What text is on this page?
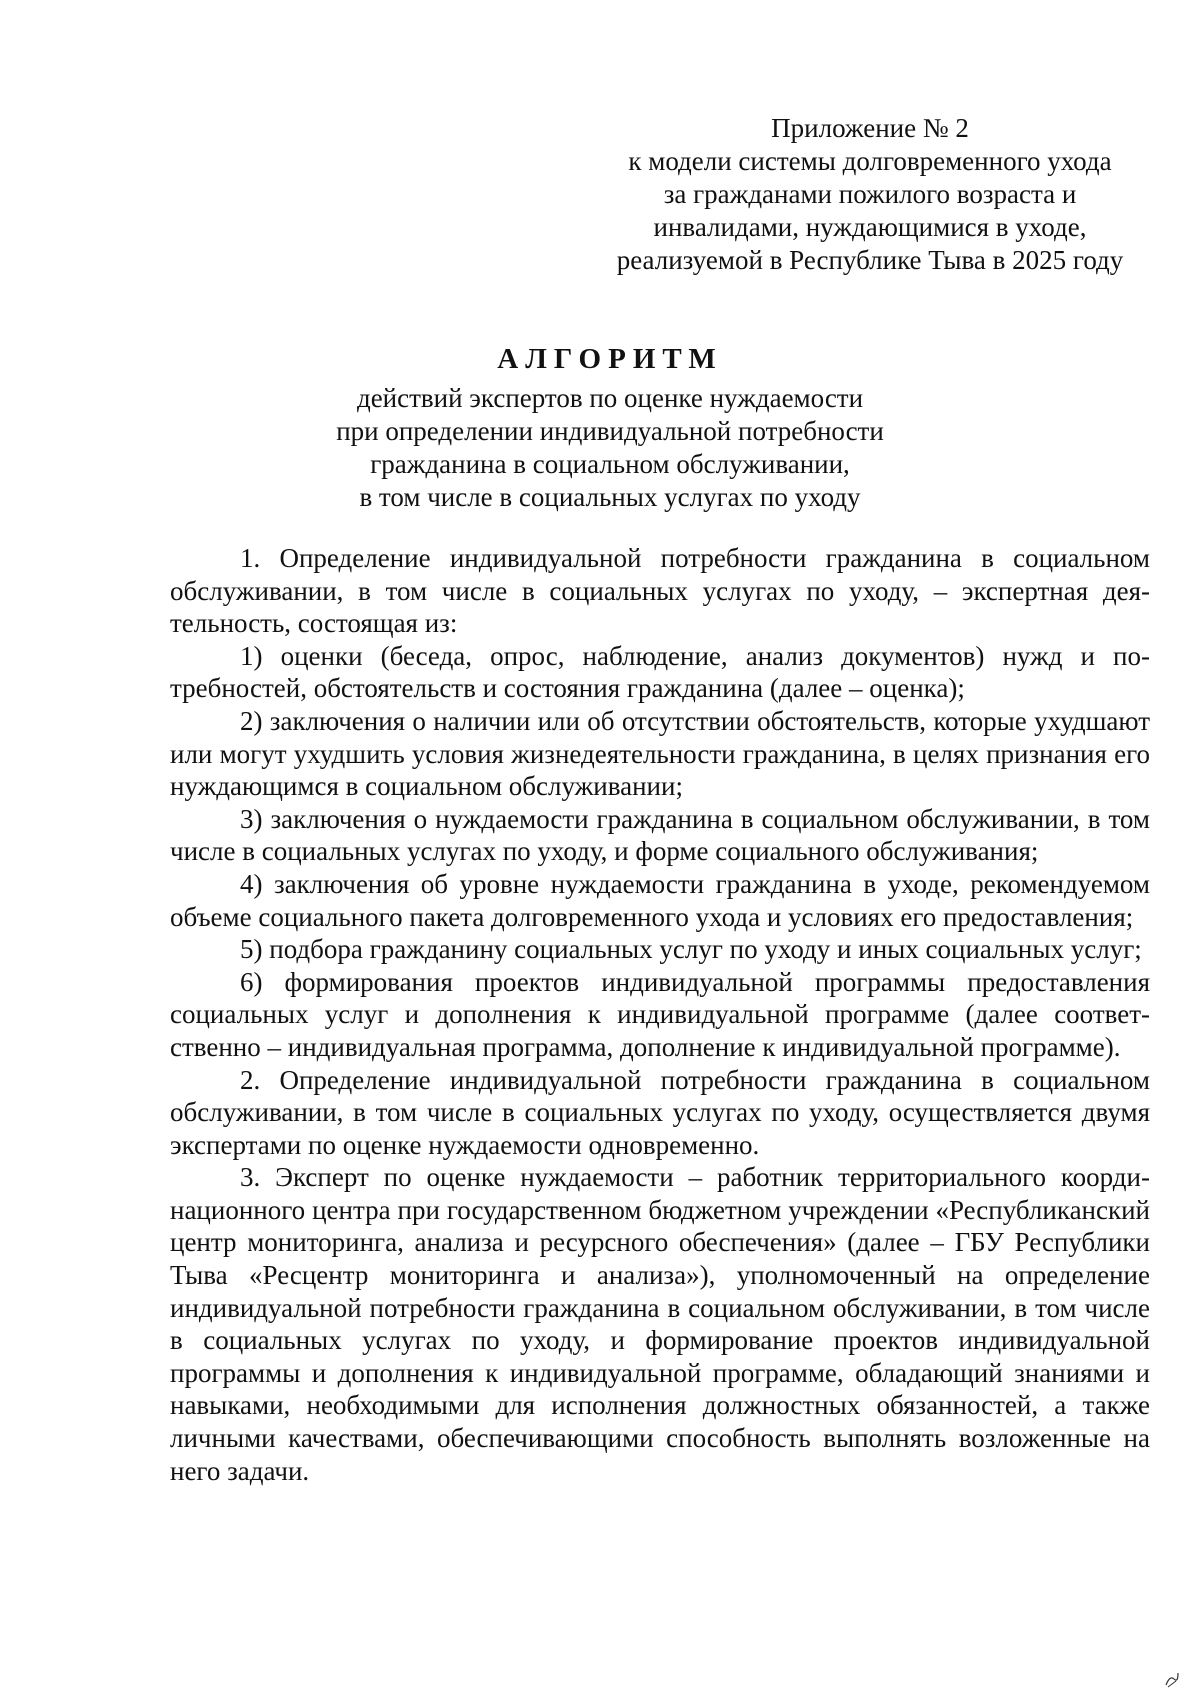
Приложение № 2
к модели системы долговременного ухода
за гражданами пожилого возраста и
инвалидами, нуждающимися в уходе,
реализуемой в Республике Тыва в 2025 году
АЛГОРИТМ
действий экспертов по оценке нуждаемости
при определении индивидуальной потребности
гражданина в социальном обслуживании,
в том числе в социальных услугах по уходу

1. Определение индивидуальной потребности гражданина в социальном обслуживании, в том числе в социальных услугах по уходу, – экспертная деятельность, состоящая из:

1) оценки (беседа, опрос, наблюдение, анализ документов) нужд и потребностей, обстоятельств и состояния гражданина (далее – оценка);

2) заключения о наличии или об отсутствии обстоятельств, которые ухудшают или могут ухудшить условия жизнедеятельности гражданина, в целях признания его нуждающимся в социальном обслуживании;

3) заключения о нуждаемости гражданина в социальном обслуживании, в том числе в социальных услугах по уходу, и форме социального обслуживания;

4) заключения об уровне нуждаемости гражданина в уходе, рекомендуемом объеме социального пакета долговременного ухода и условиях его предоставления;

5) подбора гражданину социальных услуг по уходу и иных социальных услуг;

6) формирования проектов индивидуальной программы предоставления социальных услуг и дополнения к индивидуальной программе (далее соответственно – индивидуальная программа, дополнение к индивидуальной программе).

2. Определение индивидуальной потребности гражданина в социальном обслуживании, в том числе в социальных услугах по уходу, осуществляется двумя экспертами по оценке нуждаемости одновременно.

3. Эксперт по оценке нуждаемости – работник территориального координационного центра при государственном бюджетном учреждении «Республиканский центр мониторинга, анализа и ресурсного обеспечения» (далее – ГБУ Республики Тыва «Ресцентр мониторинга и анализа»), уполномоченный на определение индивидуальной потребности гражданина в социальном обслуживании, в том числе в социальных услугах по уходу, и формирование проектов индивидуальной программы и дополнения к индивидуальной программе, обладающий знаниями и навыками, необходимыми для исполнения должностных обязанностей, а также личными качествами, обеспечивающими способность выполнять возложенные на него задачи.
